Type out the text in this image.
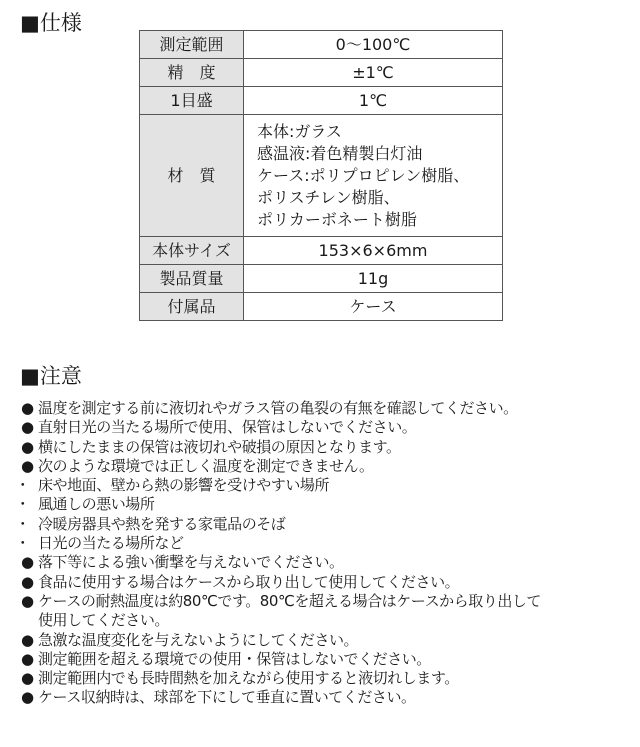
■仕様
測定範囲	0～100℃
精　度	±1℃
1目盛	1℃
材　質	本体:ガラス
感温液:着色精製白灯油
ケース:ポリプロピレン樹脂、
ポリスチレン樹脂、
ポリカーボネート樹脂

本体サイズ	153×6×6mm
製品質量	11g
付属品	ケース
■注意
● 温度を測定する前に液切れやガラス管の亀裂の有無を確認してください。
● 直射日光の当たる場所で使用、保管はしないでください。
● 横にしたままの保管は液切れや破損の原因となります。
● 次のような環境では正しく温度を測定できません。
･ 床や地面、壁から熱の影響を受けやすい場所
･ 風通しの悪い場所
･ 冷暖房器具や熱を発する家電品のそば
･ 日光の当たる場所など
● 落下等による強い衝撃を与えないでください。
● 食品に使用する場合はケースから取り出して使用してください。
● ケースの耐熱温度は約80℃です。80℃を超える場合はケースから取り出して
使用してください。
● 急激な温度変化を与えないようにしてください。
● 測定範囲を超える環境での使用・保管はしないでください。
● 測定範囲内でも長時間熱を加えながら使用すると液切れします。
● ケース収納時は、球部を下にして垂直に置いてください。
